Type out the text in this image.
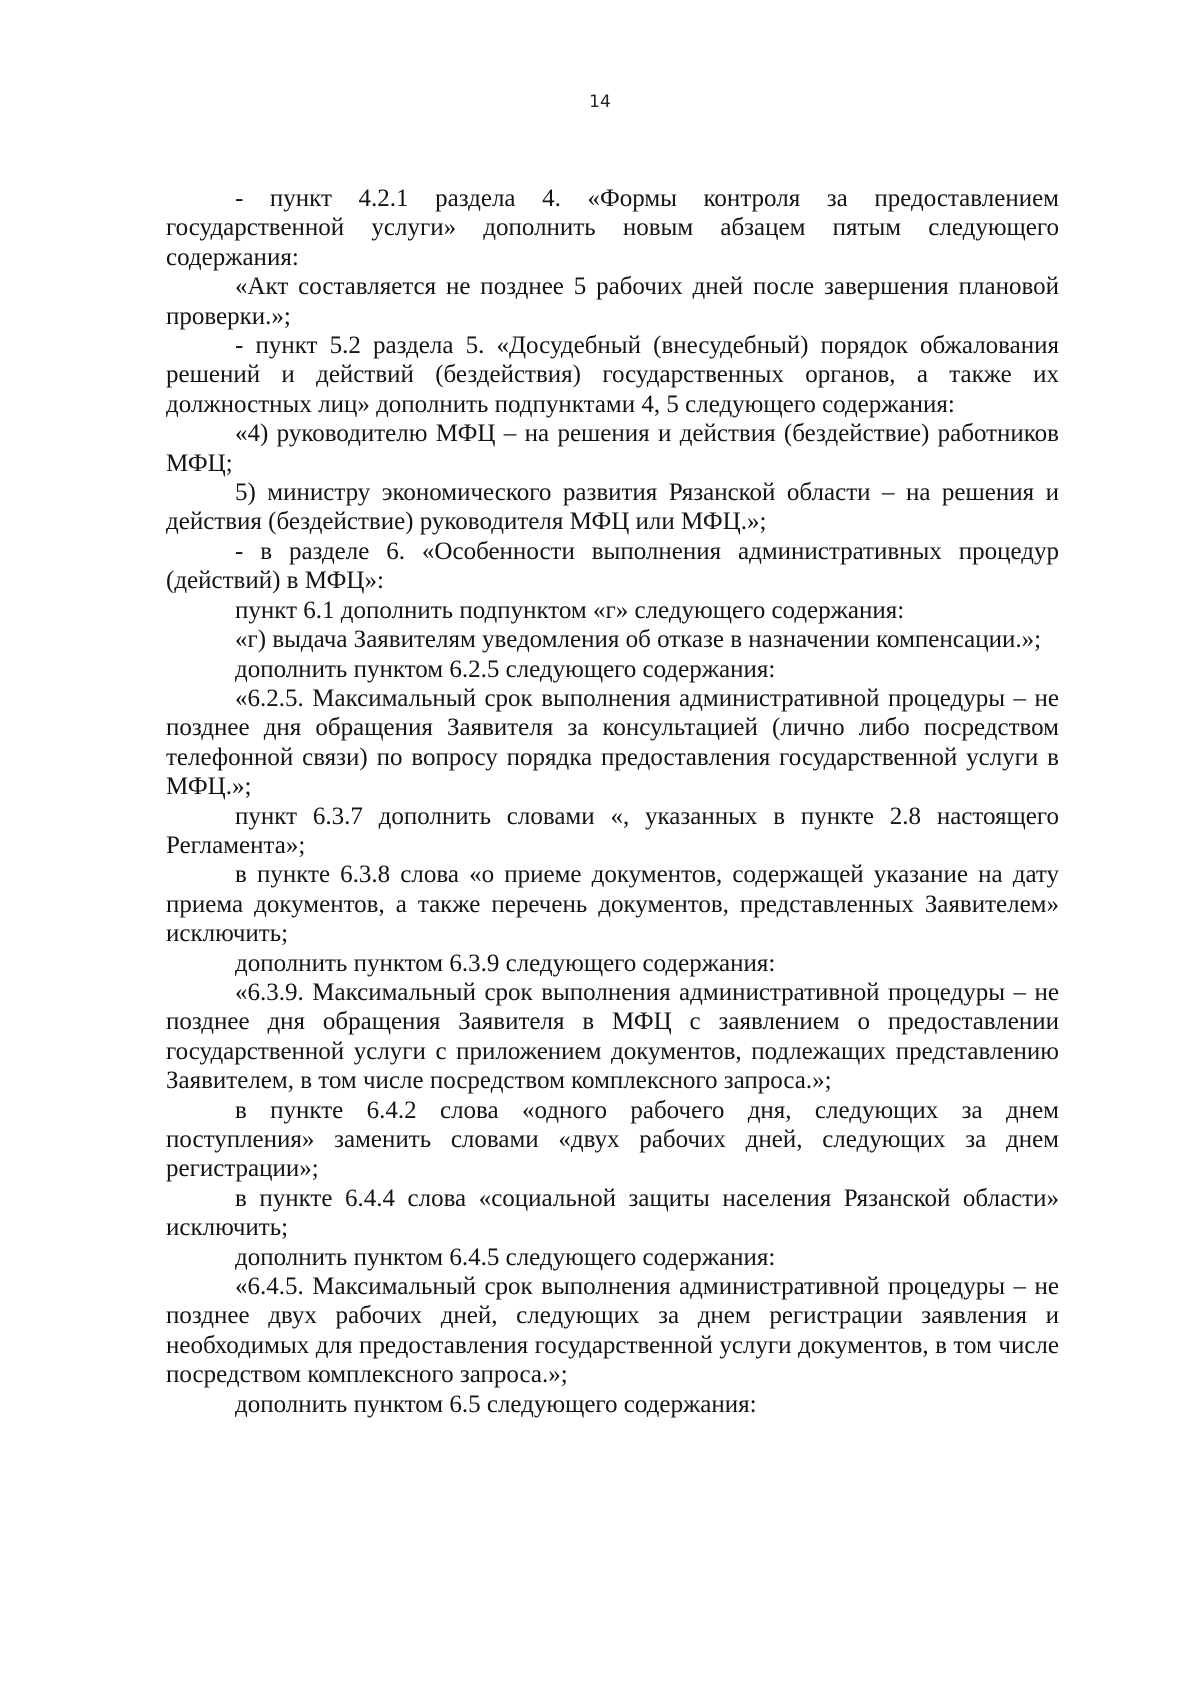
14

- пункт 4.2.1 раздела 4. «Формы контроля за предоставлением государственной услуги» дополнить новым абзацем пятым следующего содержания:

«Акт составляется не позднее 5 рабочих дней после завершения плановой проверки.»;

- пункт 5.2 раздела 5. «Досудебный (внесудебный) порядок обжалования решений и действий (бездействия) государственных органов, а также их должностных лиц» дополнить подпунктами 4, 5 следующего содержания:

«4) руководителю МФЦ – на решения и действия (бездействие) работников МФЦ;

5) министру экономического развития Рязанской области – на решения и действия (бездействие) руководителя МФЦ или МФЦ.»;

- в разделе 6. «Особенности выполнения административных процедур (действий) в МФЦ»:

пункт 6.1 дополнить подпунктом «г» следующего содержания:

«г) выдача Заявителям уведомления об отказе в назначении компенсации.»;

дополнить пунктом 6.2.5 следующего содержания:

«6.2.5. Максимальный срок выполнения административной процедуры – не позднее дня обращения Заявителя за консультацией (лично либо посредством телефонной связи) по вопросу порядка предоставления государственной услуги в МФЦ.»;

пункт 6.3.7 дополнить словами «, указанных в пункте 2.8 настоящего Регламента»;

в пункте 6.3.8 слова «о приеме документов, содержащей указание на дату приема документов, а также перечень документов, представленных Заявителем» исключить;

дополнить пунктом 6.3.9 следующего содержания:

«6.3.9. Максимальный срок выполнения административной процедуры – не позднее дня обращения Заявителя в МФЦ с заявлением о предоставлении государственной услуги с приложением документов, подлежащих представлению Заявителем, в том числе посредством комплексного запроса.»;

в пункте 6.4.2 слова «одного рабочего дня, следующих за днем поступления» заменить словами «двух рабочих дней, следующих за днем регистрации»;

в пункте 6.4.4 слова «социальной защиты населения Рязанской области» исключить;

дополнить пунктом 6.4.5 следующего содержания:

«6.4.5. Максимальный срок выполнения административной процедуры – не позднее двух рабочих дней, следующих за днем регистрации заявления и необходимых для предоставления государственной услуги документов, в том числе посредством комплексного запроса.»;

дополнить пунктом 6.5 следующего содержания:
